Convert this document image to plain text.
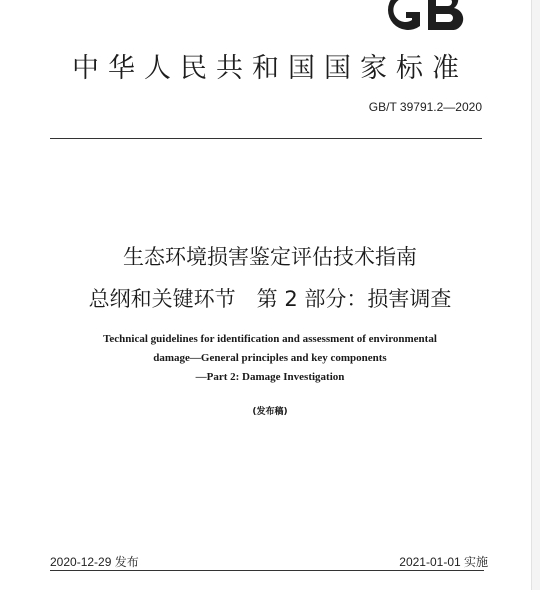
中华人民共和国国家标准
GB/T 39791.2—2020
生态环境损害鉴定评估技术指南
总纲和关键环节　第 2 部分：损害调查
Technical guidelines for identification and assessment of environmental
damage—General principles and key components
—Part 2: Damage Investigation
(发布稿)
2020-12-29 发布	2021-01-01 实施
